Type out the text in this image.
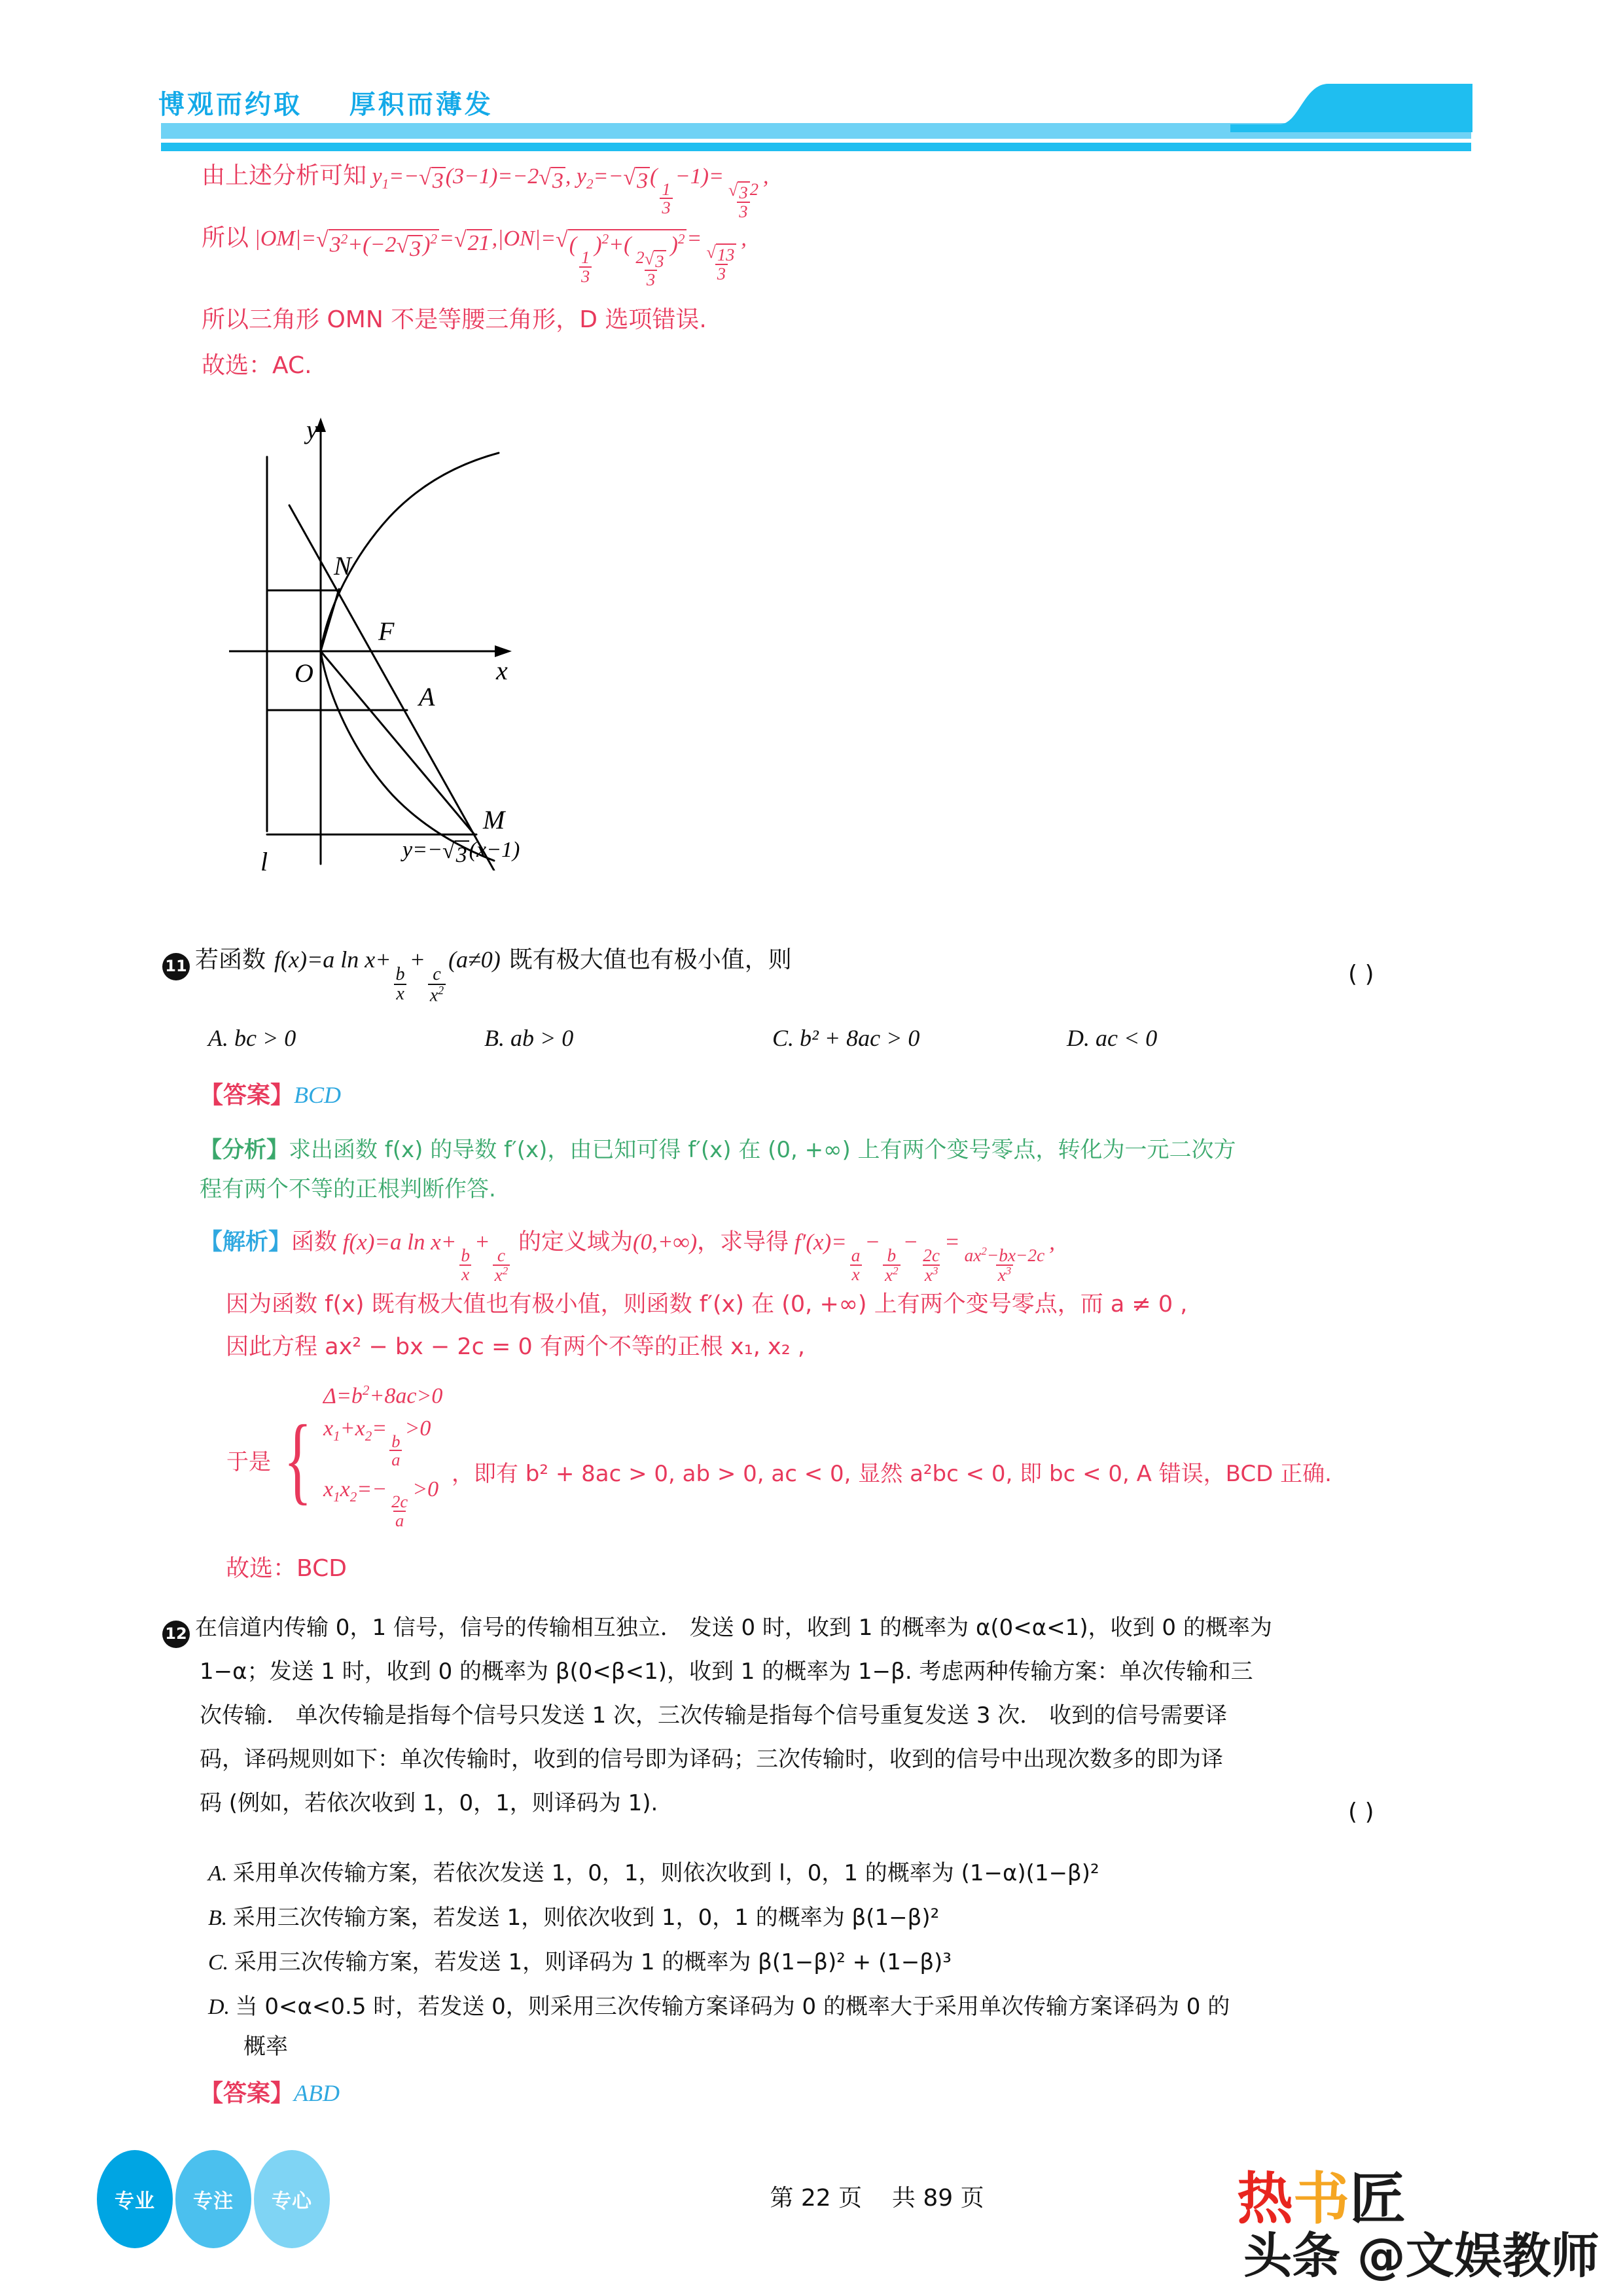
博观而约取    厚积而薄发
由上述分析可知 $y_1=-$ √ 3 (3−1)=−2 √ 3 , $y_2=-$ √ 3 (
$\frac{1}{3}$
−1)=
$\frac{√ 3 2}{3}$
,
所以 |OM|= √ $3^2+(-2$ √ 3 )$^2$ = √ 21 ,|ON|= √ (
$\frac{1}{3}$
)$^2$+(
$\frac{2 √ 3}{3}$
)$^2$ =
$\frac{√ 13}{3}$
,
所以三角形 OMN 不是等腰三角形，D 选项错误.
故选：AC.
y
x
N
F
O
A
M
l	y=− √ 3 (x−1)
11 若函数 f(x)=a ln x+
$\frac{b}{x}$
+
$\frac{c}{x^2}$
(a≠0) 既有极大值也有极小值，则
( )
A. bc > 0	B. ab > 0	C. b² + 8ac > 0	D. ac < 0
【答案】BCD
【分析】求出函数 f(x) 的导数 f′(x)，由已知可得 f′(x) 在 (0, +∞) 上有两个变号零点，转化为一元二次方
程有两个不等的正根判断作答.
【解析】函数 f(x)=a ln x+
$\frac{b}{x}$
+
$\frac{c}{x^2}$
的定义域为(0,+∞)，求导得 f′(x)=
$\frac{a}{x}$
−
$\frac{b}{x^2}$
−
$\frac{2c}{x^3}$
=
$\frac{ax^2-bx-2c}{x^3}$
,
因为函数 f(x) 既有极大值也有极小值，则函数 f′(x) 在 (0, +∞) 上有两个变号零点，而 a ≠ 0 ,
因此方程 ax² − bx − 2c = 0 有两个不等的正根 x₁, x₂ ,
于是	{	
$\Delta=b^2+8ac>0$
$x_1+x_2=$
$\frac{b}{a}$
>0
$x_1x_2=-$
$\frac{2c}{a}$
>0
，即有 b² + 8ac > 0, ab > 0, ac < 0, 显然 a²bc < 0, 即 bc < 0, A 错误，BCD 正确.
故选：BCD
12 在信道内传输 0，1 信号，信号的传输相互独立． 发送 0 时，收到 1 的概率为 α(0<α<1)，收到 0 的概率为
1−α；发送 1 时，收到 0 的概率为 β(0<β<1)，收到 1 的概率为 1−β. 考虑两种传输方案：单次传输和三
次传输． 单次传输是指每个信号只发送 1 次，三次传输是指每个信号重复发送 3 次． 收到的信号需要译
码，译码规则如下：单次传输时，收到的信号即为译码；三次传输时，收到的信号中出现次数多的即为译
码 (例如，若依次收到 1，0，1，则译码为 1).	( )
A. 采用单次传输方案，若依次发送 1，0，1，则依次收到 l，0，1 的概率为 (1−α)(1−β)²
B. 采用三次传输方案，若发送 1，则依次收到 1，0，1 的概率为 β(1−β)²
C. 采用三次传输方案，若发送 1，则译码为 1 的概率为 β(1−β)² + (1−β)³
D. 当 0<α<0.5 时，若发送 0，则采用三次传输方案译码为 0 的概率大于采用单次传输方案译码为 0 的
概率
【答案】ABD
专业 专注 专心	第 22 页    共 89 页	热书匠
头条 @文娱教师
